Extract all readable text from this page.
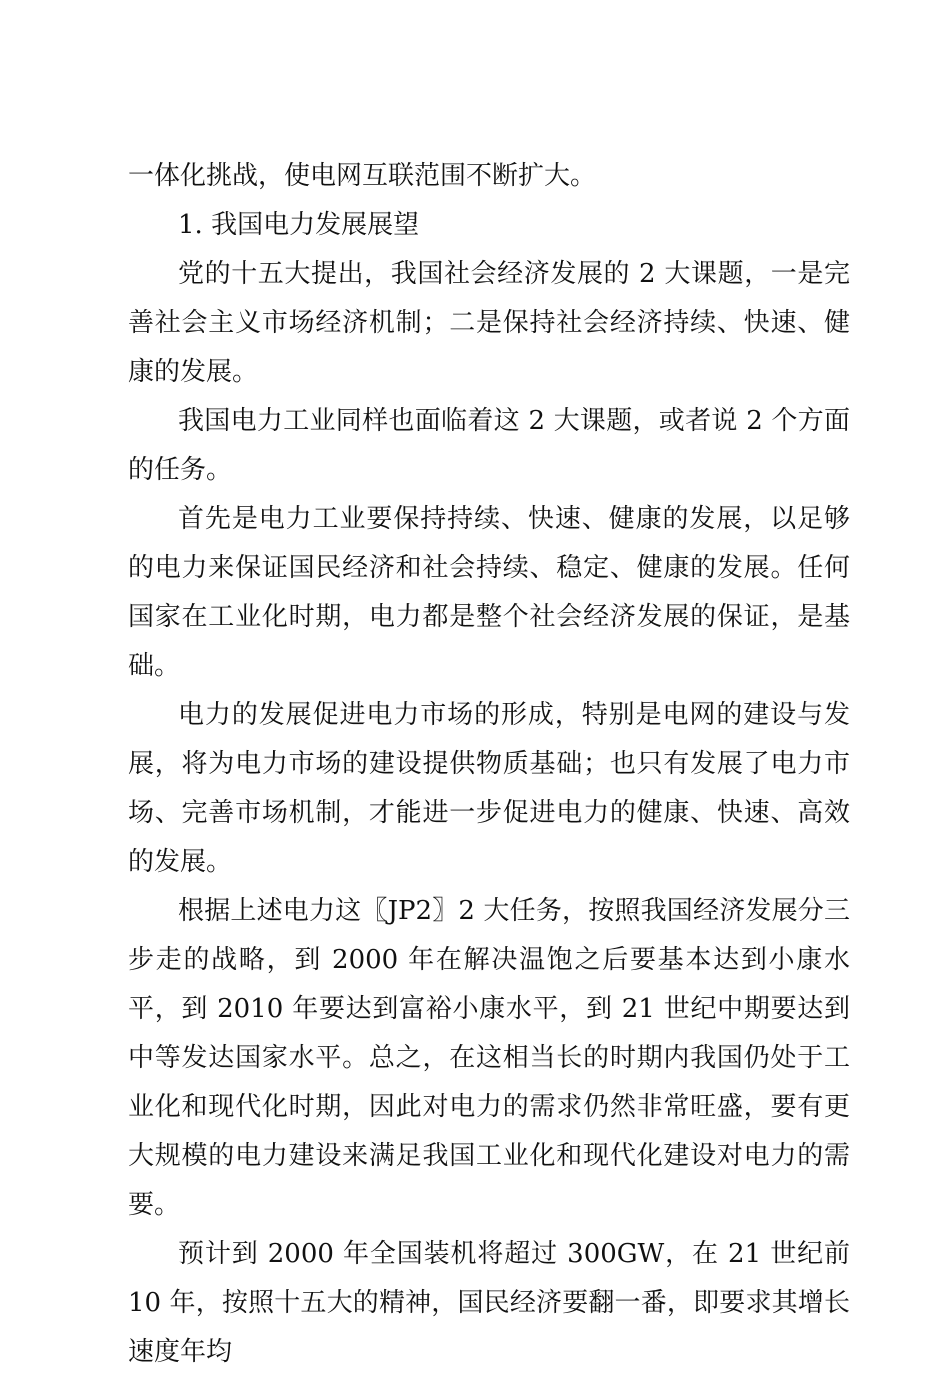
一体化挑战，使电网互联范围不断扩大。

1. 我国电力发展展望

党的十五大提出，我国社会经济发展的 2 大课题，一是完善社会主义市场经济机制；二是保持社会经济持续、快速、健康的发展。

我国电力工业同样也面临着这 2 大课题，或者说 2 个方面的任务。

首先是电力工业要保持持续、快速、健康的发展，以足够的电力来保证国民经济和社会持续、稳定、健康的发展。任何国家在工业化时期，电力都是整个社会经济发展的保证，是基础。

电力的发展促进电力市场的形成，特别是电网的建设与发展，将为电力市场的建设提供物质基础；也只有发展了电力市场、完善市场机制，才能进一步促进电力的健康、快速、高效的发展。

根据上述电力这〖JP2〗2 大任务，按照我国经济发展分三步走的战略，到 2000 年在解决温饱之后要基本达到小康水平，到 2010 年要达到富裕小康水平，到 21 世纪中期要达到中等发达国家水平。总之，在这相当长的时期内我国仍处于工业化和现代化时期，因此对电力的需求仍然非常旺盛，要有更大规模的电力建设来满足我国工业化和现代化建设对电力的需要。

预计到 2000 年全国装机将超过 300GW，在 21 世纪前 10 年，按照十五大的精神，国民经济要翻一番，即要求其增长速度年均
